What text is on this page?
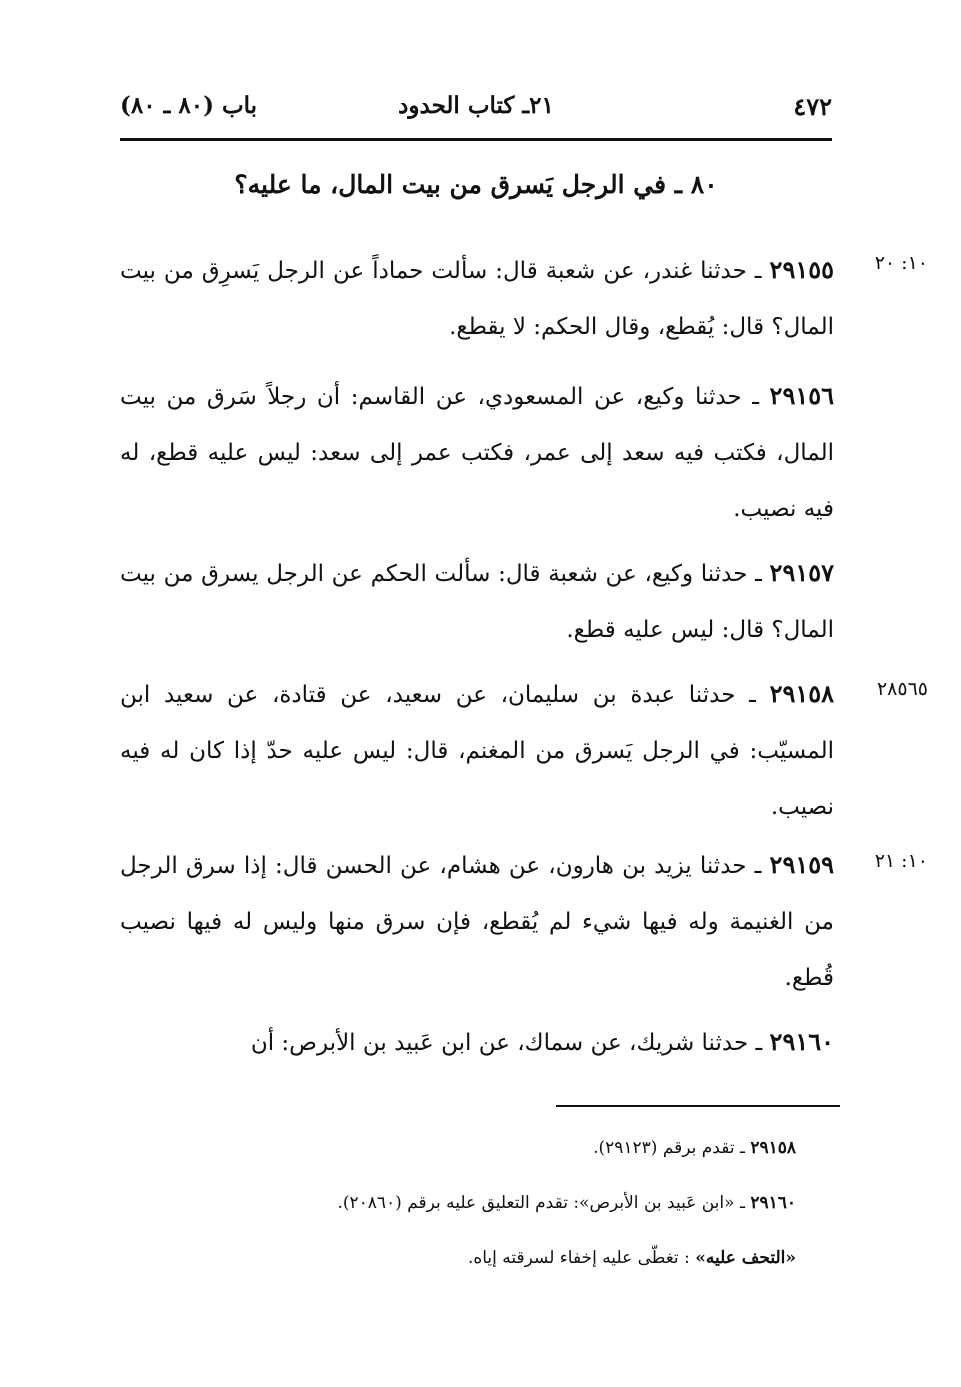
٤٧٢
٢١ـ كتاب الحدود
باب (٨٠ ـ ٨٠)
٨٠ ـ في الرجل يَسرق من بيت المال، ما عليه؟
١٠: ٢٠
٢٩١٥٥ ـ حدثنا غندر، عن شعبة قال: سألت حماداً عن الرجل يَسرِق من بيت المال؟ قال: يُقطع، وقال الحكم: لا يقطع.
٢٩١٥٦ ـ حدثنا وكيع، عن المسعودي، عن القاسم: أن رجلاً سَرق من بيت المال، فكتب فيه سعد إلى عمر، فكتب عمر إلى سعد: ليس عليه قطع، له فيه نصيب.
٢٩١٥٧ ـ حدثنا وكيع، عن شعبة قال: سألت الحكم عن الرجل يسرق من بيت المال؟ قال: ليس عليه قطع.
٢٨٥٦٥
٢٩١٥٨ ـ حدثنا عبدة بن سليمان، عن سعيد، عن قتادة، عن سعيد ابن المسيّب: في الرجل يَسرق من المغنم، قال: ليس عليه حدّ إذا كان له فيه نصيب.
١٠: ٢١
٢٩١٥٩ ـ حدثنا يزيد بن هارون، عن هشام، عن الحسن قال: إذا سرق الرجل من الغنيمة وله فيها شيء لم يُقطع، فإن سرق منها وليس له فيها نصيب قُطع.
٢٩١٦٠ ـ حدثنا شريك، عن سماك، عن ابن عَبيد بن الأبرص: أن
٢٩١٥٨ ـ تقدم برقم (٢٩١٢٣).
٢٩١٦٠ ـ «ابن عَبيد بن الأبرص»: تقدم التعليق عليه برقم (٢٠٨٦٠).
«التحف عليه» : تغطّى عليه إخفاء لسرقته إياه.
